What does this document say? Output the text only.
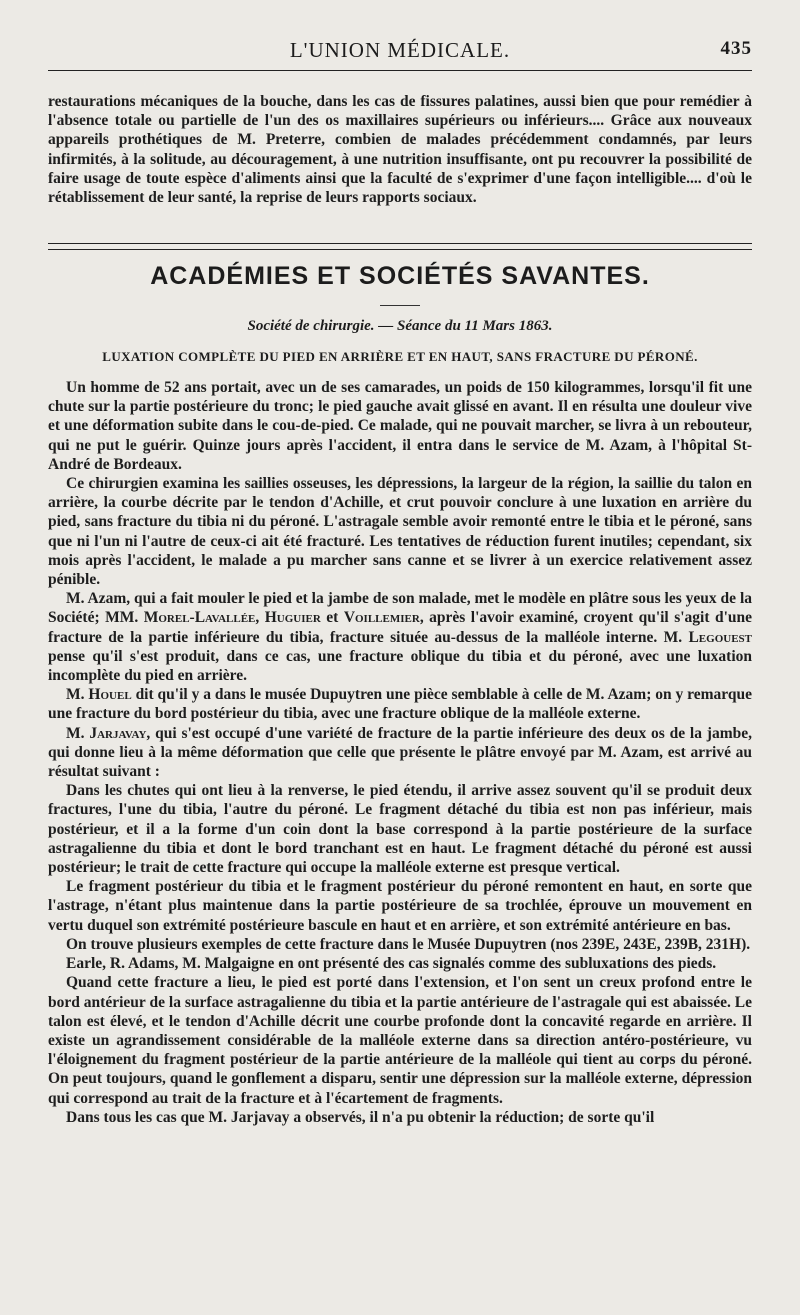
L'UNION MÉDICALE.	435

restaurations mécaniques de la bouche, dans les cas de fissures palatines, aussi bien que pour remédier à l'absence totale ou partielle de l'un des os maxillaires supérieurs ou inférieurs.... Grâce aux nouveaux appareils prothétiques de M. Preterre, combien de malades précédemment condamnés, par leurs infirmités, à la solitude, au découragement, à une nutrition insuffisante, ont pu recouvrer la possibilité de faire usage de toute espèce d'aliments ainsi que la faculté de s'exprimer d'une façon intelligible.... d'où le rétablissement de leur santé, la reprise de leurs rapports sociaux.

ACADÉMIES ET SOCIÉTÉS SAVANTES.
Société de chirurgie. — Séance du 11 Mars 1863.
LUXATION COMPLÈTE DU PIED EN ARRIÈRE ET EN HAUT, SANS FRACTURE DU PÉRONÉ.

Un homme de 52 ans portait, avec un de ses camarades, un poids de 150 kilogrammes, lorsqu'il fit une chute sur la partie postérieure du tronc; le pied gauche avait glissé en avant. Il en résulta une douleur vive et une déformation subite dans le cou-de-pied. Ce malade, qui ne pouvait marcher, se livra à un rebouteur, qui ne put le guérir. Quinze jours après l'accident, il entra dans le service de M. Azam, à l'hôpital St-André de Bordeaux.

Ce chirurgien examina les saillies osseuses, les dépressions, la largeur de la région, la saillie du talon en arrière, la courbe décrite par le tendon d'Achille, et crut pouvoir conclure à une luxation en arrière du pied, sans fracture du tibia ni du péroné. L'astragale semble avoir remonté entre le tibia et le péroné, sans que ni l'un ni l'autre de ceux-ci ait été fracturé. Les tentatives de réduction furent inutiles; cependant, six mois après l'accident, le malade a pu marcher sans canne et se livrer à un exercice relativement assez pénible.

M. Azam, qui a fait mouler le pied et la jambe de son malade, met le modèle en plâtre sous les yeux de la Société; MM. Morel-Lavallée, Huguier et Voillemier, après l'avoir examiné, croyent qu'il s'agit d'une fracture de la partie inférieure du tibia, fracture située au-dessus de la malléole interne. M. Legouest pense qu'il s'est produit, dans ce cas, une fracture oblique du tibia et du péroné, avec une luxation incomplète du pied en arrière.

M. Houel dit qu'il y a dans le musée Dupuytren une pièce semblable à celle de M. Azam; on y remarque une fracture du bord postérieur du tibia, avec une fracture oblique de la malléole externe.

M. Jarjavay, qui s'est occupé d'une variété de fracture de la partie inférieure des deux os de la jambe, qui donne lieu à la même déformation que celle que présente le plâtre envoyé par M. Azam, est arrivé au résultat suivant :

Dans les chutes qui ont lieu à la renverse, le pied étendu, il arrive assez souvent qu'il se produit deux fractures, l'une du tibia, l'autre du péroné. Le fragment détaché du tibia est non pas inférieur, mais postérieur, et il a la forme d'un coin dont la base correspond à la partie postérieure de la surface astragalienne du tibia et dont le bord tranchant est en haut. Le fragment détaché du péroné est aussi postérieur; le trait de cette fracture qui occupe la malléole externe est presque vertical.

Le fragment postérieur du tibia et le fragment postérieur du péroné remontent en haut, en sorte que l'astrage, n'étant plus maintenue dans la partie postérieure de sa trochlée, éprouve un mouvement en vertu duquel son extrémité postérieure bascule en haut et en arrière, et son extrémité antérieure en bas.

On trouve plusieurs exemples de cette fracture dans le Musée Dupuytren (nos 239E, 243E, 239B, 231H).

Earle, R. Adams, M. Malgaigne en ont présenté des cas signalés comme des subluxations des pieds.

Quand cette fracture a lieu, le pied est porté dans l'extension, et l'on sent un creux profond entre le bord antérieur de la surface astragalienne du tibia et la partie antérieure de l'astragale qui est abaissée. Le talon est élevé, et le tendon d'Achille décrit une courbe profonde dont la concavité regarde en arrière. Il existe un agrandissement considérable de la malléole externe dans sa direction antéro-postérieure, vu l'éloignement du fragment postérieur de la partie antérieure de la malléole qui tient au corps du péroné. On peut toujours, quand le gonflement a disparu, sentir une dépression sur la malléole externe, dépression qui correspond au trait de la fracture et à l'écartement de fragments.

Dans tous les cas que M. Jarjavay a observés, il n'a pu obtenir la réduction; de sorte qu'il
